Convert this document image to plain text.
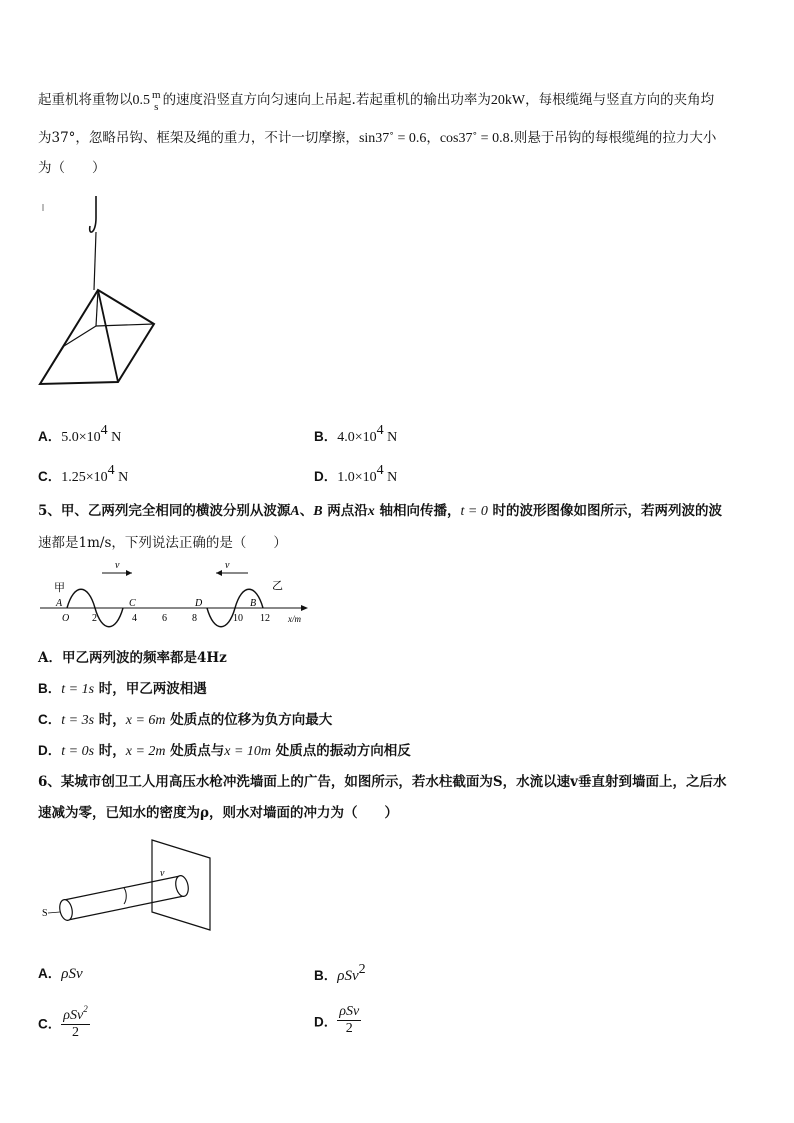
起重机将重物以0.5 m
s 的速度沿竖直方向匀速向上吊起.若起重机的输出功率为20kW，每根缆绳与竖直方向的夹角均
为37°，忽略吊钩、框架及绳的重力，不计一切摩擦，sin37˚ = 0.6，cos37˚ = 0.8.则悬于吊钩的每根缆绳的拉力大小
为（　　）
A．$5.0\times 10^4$ N	B．$4.0\times 10^4$ N
C．$1.25\times 10^4$ N	D．$1.0\times 10^4$ N
5、甲、乙两列完全相同的横波分别从波源A、B 两点沿x 轴相向传播，t = 0 时的波形图像如图所示，若两列波的波
速都是1m/s，下列说法正确的是（　　）
甲	乙
v	v
A	C	D	B
O 2	4	6	8	10 12 x/m
A．甲乙两列波的频率都是4Hz
B．t = 1s 时，甲乙两波相遇
C．t = 3s 时，x = 6m 处质点的位移为负方向最大
D．t = 0s 时，x = 2m 处质点与x = 10m 处质点的振动方向相反
6、某城市创卫工人用高压水枪冲洗墙面上的广告，如图所示，若水柱截面为S，水流以速v垂直射到墙面上，之后水
速减为零，已知水的密度为ρ，则水对墙面的冲力为（　　）
S
v
A．ρSv	B．ρSv$^2$
C． $\frac{\rho Sv^2}{2}$	D． $\frac{\text{ρSv}}{2}$
